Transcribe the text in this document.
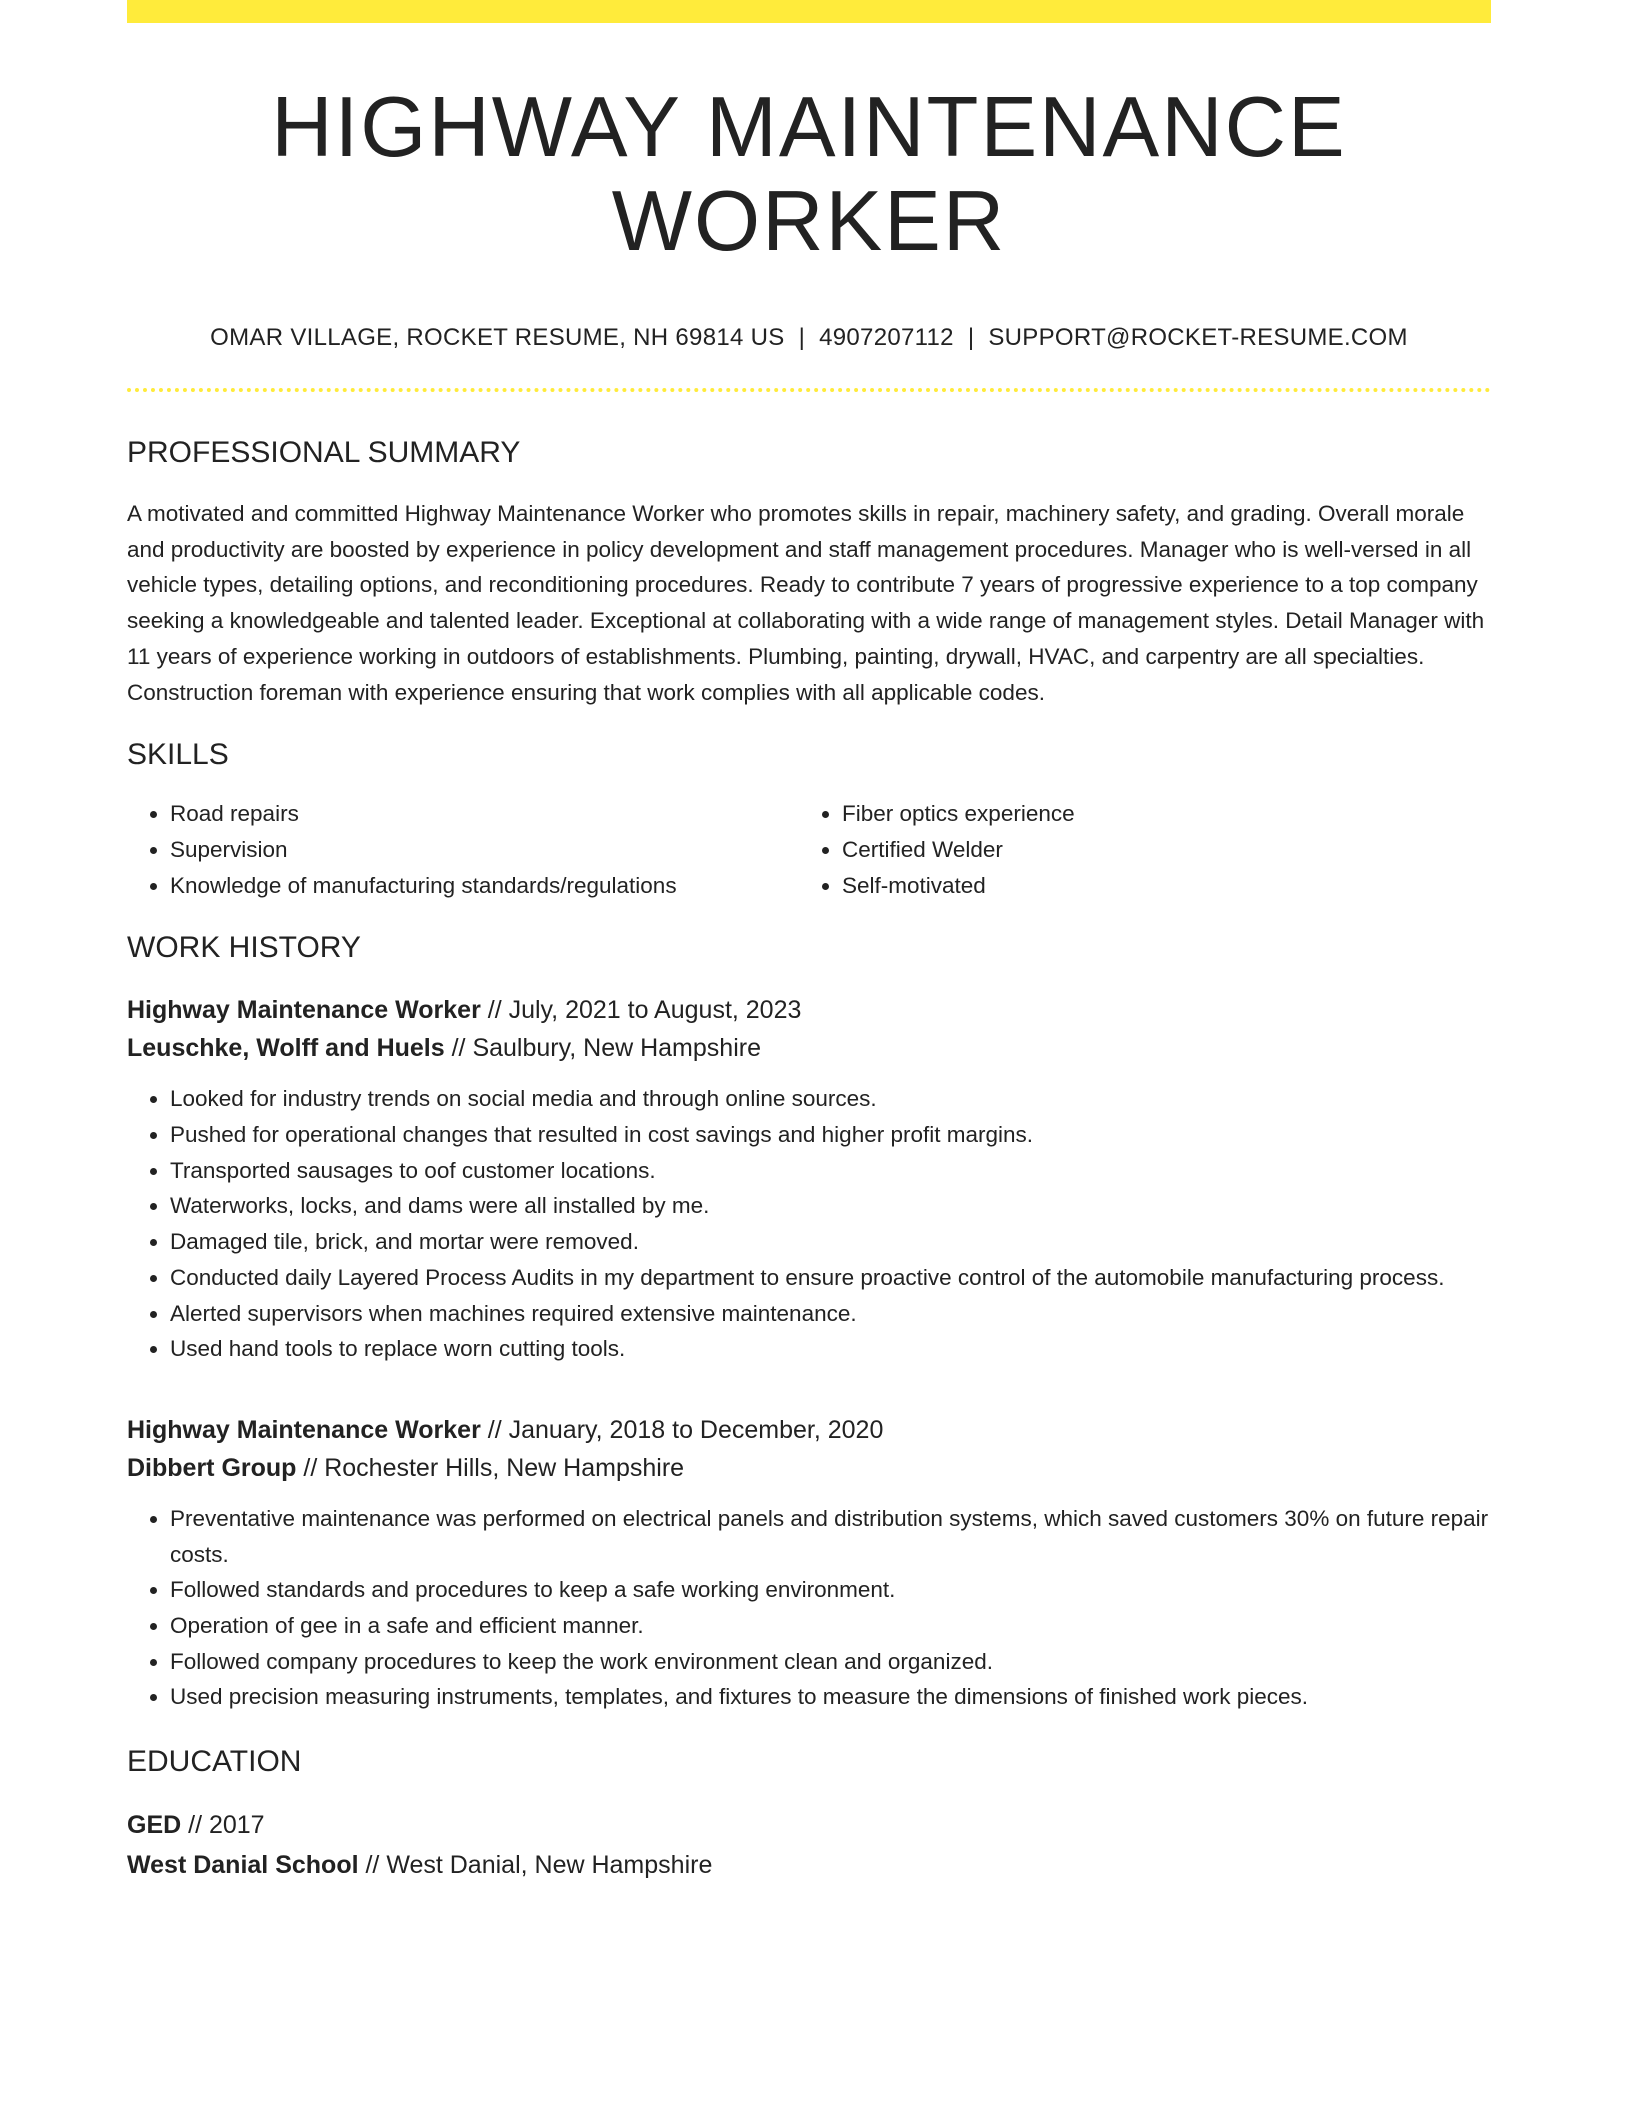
HIGHWAY MAINTENANCE WORKER
OMAR VILLAGE, ROCKET RESUME, NH 69814 US | 4907207112 | SUPPORT@ROCKET-RESUME.COM
PROFESSIONAL SUMMARY
A motivated and committed Highway Maintenance Worker who promotes skills in repair, machinery safety, and grading. Overall morale and productivity are boosted by experience in policy development and staff management procedures. Manager who is well-versed in all vehicle types, detailing options, and reconditioning procedures. Ready to contribute 7 years of progressive experience to a top company seeking a knowledgeable and talented leader. Exceptional at collaborating with a wide range of management styles. Detail Manager with 11 years of experience working in outdoors of establishments. Plumbing, painting, drywall, HVAC, and carpentry are all specialties. Construction foreman with experience ensuring that work complies with all applicable codes.
SKILLS
• Road repairs
• Supervision
• Knowledge of manufacturing standards/regulations
• Fiber optics experience
• Certified Welder
• Self-motivated
WORK HISTORY
Highway Maintenance Worker // July, 2021 to August, 2023
Leuschke, Wolff and Huels // Saulbury, New Hampshire
• Looked for industry trends on social media and through online sources.
• Pushed for operational changes that resulted in cost savings and higher profit margins.
• Transported sausages to oof customer locations.
• Waterworks, locks, and dams were all installed by me.
• Damaged tile, brick, and mortar were removed.
• Conducted daily Layered Process Audits in my department to ensure proactive control of the automobile manufacturing process.
• Alerted supervisors when machines required extensive maintenance.
• Used hand tools to replace worn cutting tools.
Highway Maintenance Worker // January, 2018 to December, 2020
Dibbert Group // Rochester Hills, New Hampshire
• Preventative maintenance was performed on electrical panels and distribution systems, which saved customers 30% on future repair costs.
• Followed standards and procedures to keep a safe working environment.
• Operation of gee in a safe and efficient manner.
• Followed company procedures to keep the work environment clean and organized.
• Used precision measuring instruments, templates, and fixtures to measure the dimensions of finished work pieces.
EDUCATION
GED // 2017
West Danial School // West Danial, New Hampshire
